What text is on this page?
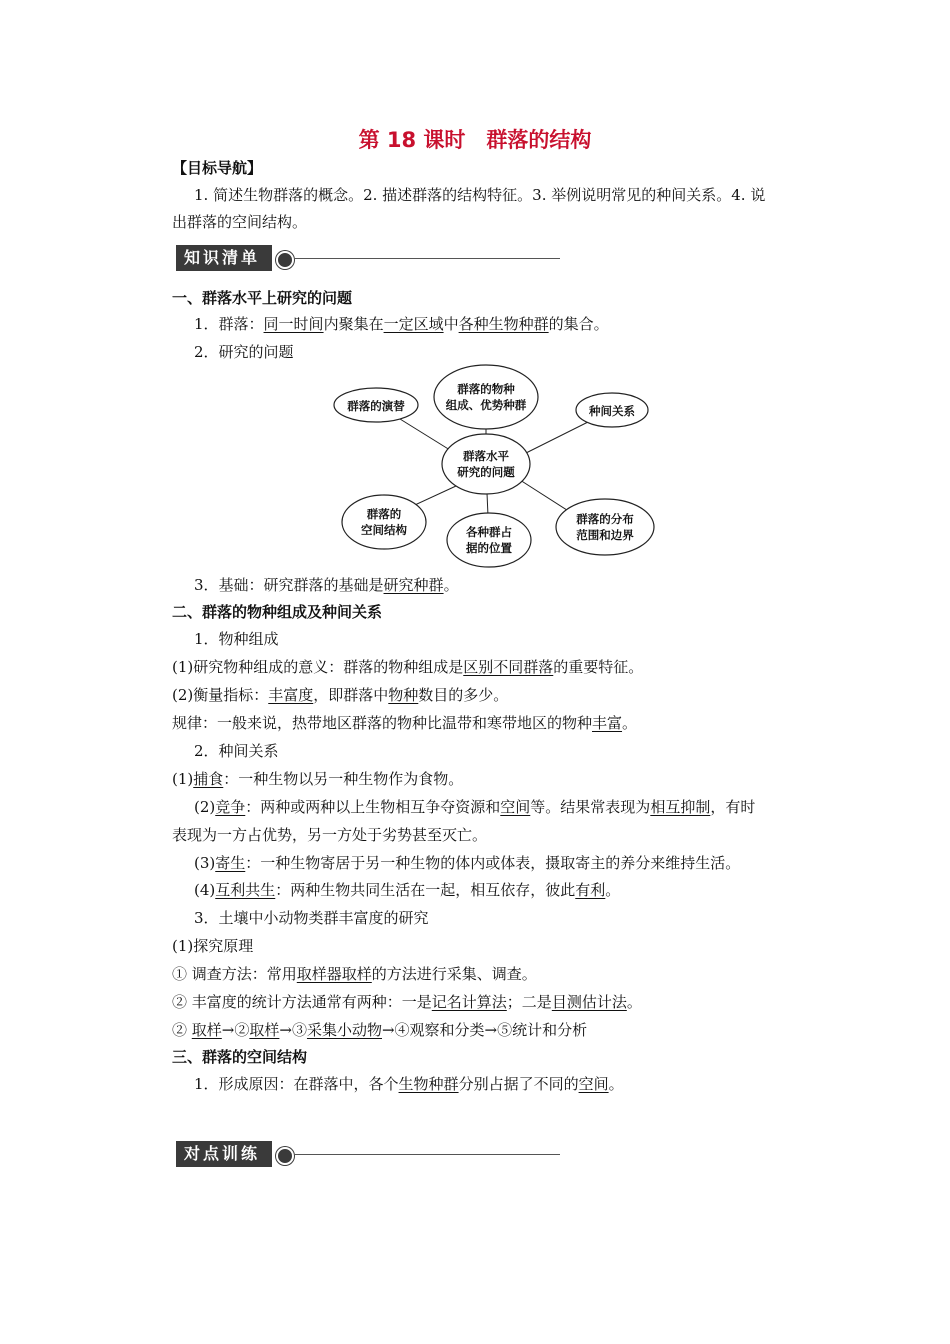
第 18 课时　群落的结构
【目标导航】
1. 简述生物群落的概念。2. 描述群落的结构特征。3. 举例说明常见的种间关系。4. 说
出群落的空间结构。
知识清单
一、群落水平上研究的问题
1．群落：同一时间内聚集在一定区域中各种生物种群的集合。
2．研究的问题
群落水平
研究的问题
群落的物种
组成、优势种群
群落的演替	种间关系
群落的
空间结构	各种群占
据的位置
群落的分布
范围和边界
3．基础：研究群落的基础是研究种群。
二、群落的物种组成及种间关系
1．物种组成
(1)研究物种组成的意义：群落的物种组成是区别不同群落的重要特征。
(2)衡量指标：丰富度，即群落中物种数目的多少。
规律：一般来说，热带地区群落的物种比温带和寒带地区的物种丰富。
2．种间关系
(1)捕食：一种生物以另一种生物作为食物。
(2)竞争：两种或两种以上生物相互争夺资源和空间等。结果常表现为相互抑制，有时
表现为一方占优势，另一方处于劣势甚至灭亡。
(3)寄生：一种生物寄居于另一种生物的体内或体表，摄取寄主的养分来维持生活。
(4)互利共生：两种生物共同生活在一起，相互依存，彼此有利。
3．土壤中小动物类群丰富度的研究
(1)探究原理
① 调查方法：常用取样器取样的方法进行采集、调查。
② 丰富度的统计方法通常有两种：一是记名计算法；二是目测估计法。
② 取样→②取样→③采集小动物→④观察和分类→⑤统计和分析
三、群落的空间结构
1．形成原因：在群落中，各个生物种群分别占据了不同的空间。
对点训练
